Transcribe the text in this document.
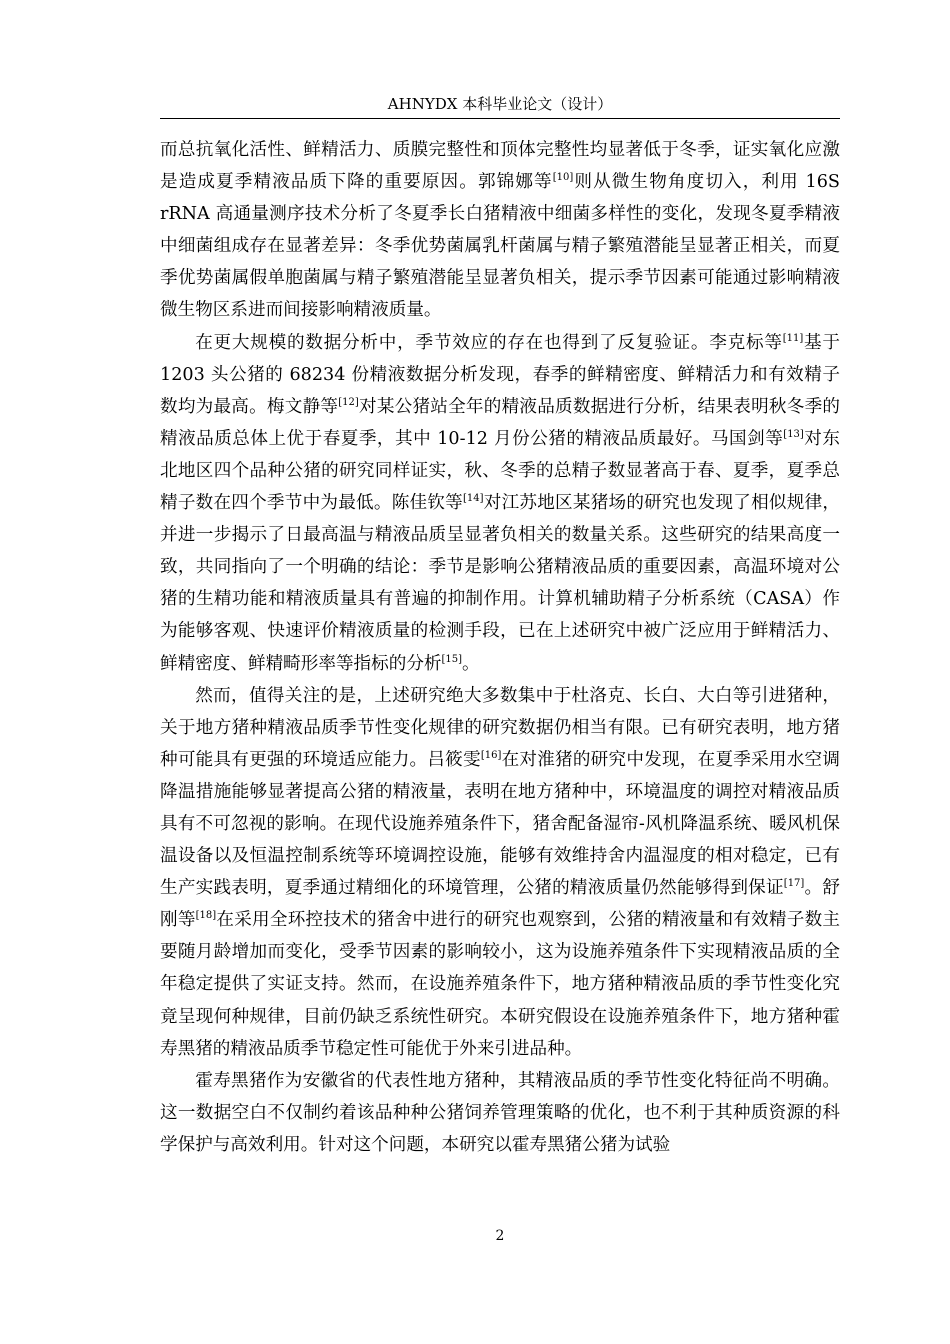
AHNYDX 本科毕业论文（设计）

而总抗氧化活性、鲜精活力、质膜完整性和顶体完整性均显著低于冬季，证实氧化应激是造成夏季精液品质下降的重要原因。郭锦娜等[10]则从微生物角度切入，利用 16S rRNA 高通量测序技术分析了冬夏季长白猪精液中细菌多样性的变化，发现冬夏季精液中细菌组成存在显著差异：冬季优势菌属乳杆菌属与精子繁殖潜能呈显著正相关，而夏季优势菌属假单胞菌属与精子繁殖潜能呈显著负相关，提示季节因素可能通过影响精液微生物区系进而间接影响精液质量。

在更大规模的数据分析中，季节效应的存在也得到了反复验证。李克标等[11]基于 1203 头公猪的 68234 份精液数据分析发现，春季的鲜精密度、鲜精活力和有效精子数均为最高。梅文静等[12]对某公猪站全年的精液品质数据进行分析，结果表明秋冬季的精液品质总体上优于春夏季，其中 10-12 月份公猪的精液品质最好。马国剑等[13]对东北地区四个品种公猪的研究同样证实，秋、冬季的总精子数显著高于春、夏季，夏季总精子数在四个季节中为最低。陈佳钦等[14]对江苏地区某猪场的研究也发现了相似规律，并进一步揭示了日最高温与精液品质呈显著负相关的数量关系。这些研究的结果高度一致，共同指向了一个明确的结论：季节是影响公猪精液品质的重要因素，高温环境对公猪的生精功能和精液质量具有普遍的抑制作用。计算机辅助精子分析系统（CASA）作为能够客观、快速评价精液质量的检测手段，已在上述研究中被广泛应用于鲜精活力、鲜精密度、鲜精畸形率等指标的分析[15]。

然而，值得关注的是，上述研究绝大多数集中于杜洛克、长白、大白等引进猪种，关于地方猪种精液品质季节性变化规律的研究数据仍相当有限。已有研究表明，地方猪种可能具有更强的环境适应能力。吕筱雯[16]在对淮猪的研究中发现，在夏季采用水空调降温措施能够显著提高公猪的精液量，表明在地方猪种中，环境温度的调控对精液品质具有不可忽视的影响。在现代设施养殖条件下，猪舍配备湿帘-风机降温系统、暖风机保温设备以及恒温控制系统等环境调控设施，能够有效维持舍内温湿度的相对稳定，已有生产实践表明，夏季通过精细化的环境管理，公猪的精液质量仍然能够得到保证[17]。舒刚等[18]在采用全环控技术的猪舍中进行的研究也观察到，公猪的精液量和有效精子数主要随月龄增加而变化，受季节因素的影响较小，这为设施养殖条件下实现精液品质的全年稳定提供了实证支持。然而，在设施养殖条件下，地方猪种精液品质的季节性变化究竟呈现何种规律，目前仍缺乏系统性研究。本研究假设在设施养殖条件下，地方猪种霍寿黑猪的精液品质季节稳定性可能优于外来引进品种。

霍寿黑猪作为安徽省的代表性地方猪种，其精液品质的季节性变化特征尚不明确。这一数据空白不仅制约着该品种种公猪饲养管理策略的优化，也不利于其种质资源的科学保护与高效利用。针对这个问题，本研究以霍寿黑猪公猪为试验

2
